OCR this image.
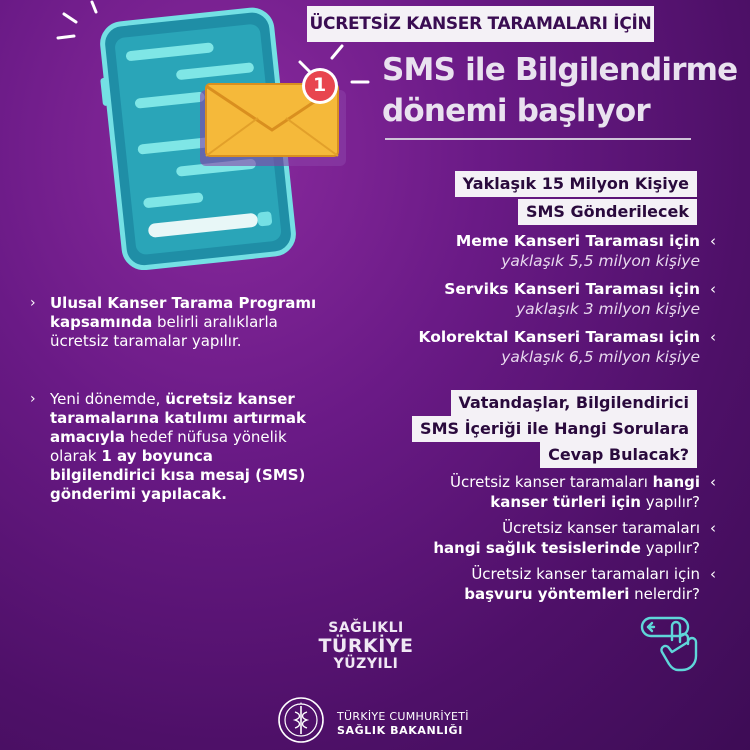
1
ÜCRETSİZ KANSER TARAMALARI İÇİN
SMS ile Bilgilendirme
dönemi başlıyor
Yaklaşık 15 Milyon Kişiye
SMS Gönderilecek
Meme Kanseri Taraması için
yaklaşık 5,5 milyon kişiye
‹
Serviks Kanseri Taraması için
yaklaşık 3 milyon kişiye
‹
Kolorektal Kanseri Taraması için
yaklaşık 6,5 milyon kişiye
‹
› Ulusal Kanser Tarama Programı kapsamında belirli aralıklarla ücretsiz taramalar yapılır.
› Yeni dönemde, ücretsiz kanser taramalarına katılımı artırmak amacıyla hedef nüfusa yönelik olarak 1 ay boyunca bilgilendirici kısa mesaj (SMS) gönderimi yapılacak.
Vatandaşlar, Bilgilendirici
SMS İçeriği ile Hangi Sorulara
Cevap Bulacak?
Ücretsiz kanser taramaları hangi
kanser türleri için yapılır?
‹
Ücretsiz kanser taramaları
hangi sağlık tesislerinde yapılır?
‹
Ücretsiz kanser taramaları için
başvuru yöntemleri nelerdir?
‹
SAĞLIKLI
TÜRKİYE
YÜZYILI
TÜRKİYE CUMHURİYETİ
SAĞLIK BAKANLIĞI
